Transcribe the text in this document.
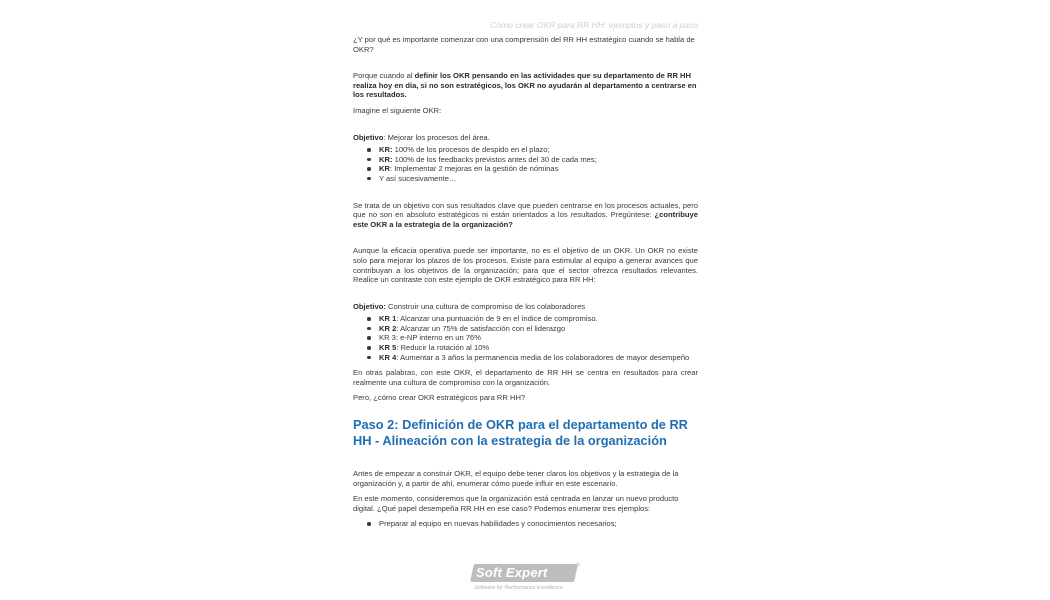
Cómo crear OKR para RR HH: ejemplos y paso a paso

¿Y por qué es importante comenzar con una comprensión del RR HH estratégico cuando se habla de OKR?

Porque cuando al definir los OKR pensando en las actividades que su departamento de RR HH realiza hoy en día, si no son estratégicos, los OKR no ayudarán al departamento a centrarse en los resultados.

Imagine el siguiente OKR:

Objetivo: Mejorar los procesos del área.

KR: 100% de los procesos de despido en el plazo;
KR: 100% de los feedbacks previstos antes del 30 de cada mes;
KR: Implementar 2 mejoras en la gestión de nóminas
Y así sucesivamente…

Se trata de un objetivo con sus resultados clave que pueden centrarse en los procesos actuales, pero que no son en absoluto estratégicos ni están orientados a los resultados. Pregúntese: ¿contribuye este OKR a la estrategia de la organización?

Aunque la eficacia operativa puede ser importante, no es el objetivo de un OKR. Un OKR no existe solo para mejorar los plazos de los procesos. Existe para estimular al equipo a generar avances que contribuyan a los objetivos de la organización; para que el sector ofrezca resultados relevantes. Realice un contraste con este ejemplo de OKR estratégico para RR HH:

Objetivo: Construir una cultura de compromiso de los colaboradores

KR 1: Alcanzar una puntuación de 9 en el índice de compromiso.
KR 2: Alcanzar un 75% de satisfacción con el liderazgo
KR 3: e-NP interno en un 76%
KR 5: Reducir la rotación al 10%
KR 4: Aumentar a 3 años la permanencia media de los colaboradores de mayor desempeño

En otras palabras, con este OKR, el departamento de RR HH se centra en resultados para crear realmente una cultura de compromiso con la organización.

Pero, ¿cómo crear OKR estratégicos para RR HH?

Paso 2: Definición de OKR para el departamento de RR HH - Alineación con la estrategia de la organización

Antes de empezar a construir OKR, el equipo debe tener claros los objetivos y la estrategia de la organización y, a partir de ahí, enumerar cómo puede influir en este escenario.

En este momento, consideremos que la organización está centrada en lanzar un nuevo producto digital. ¿Qué papel desempeña RR HH en ese caso? Podemos enumerar tres ejemplos:

Preparar al equipo en nuevas habilidades y conocimientos necesarios;
Soft Expert	®
Software for Performance Excellence
